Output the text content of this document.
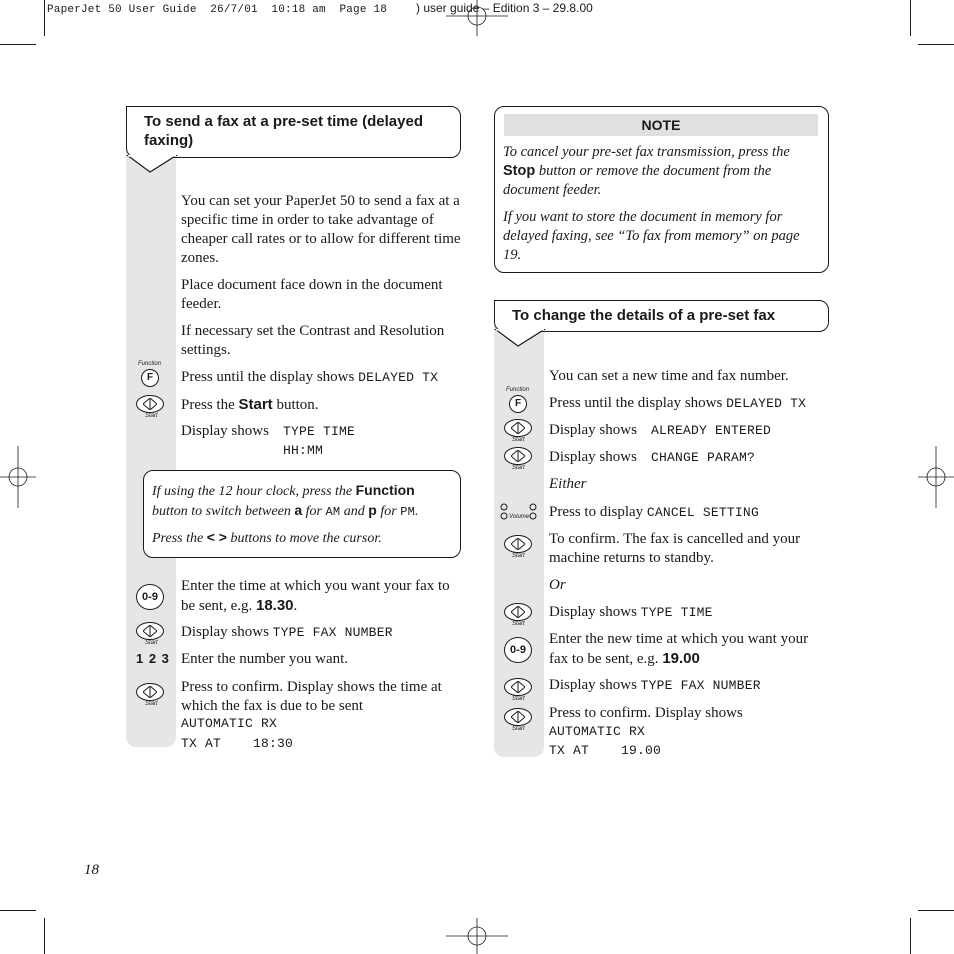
PaperJet 50 User Guide  26/7/01  10:18 am  Page 18 ) user guide – Edition 3 – 29.8.00
To send a fax at a pre-set time (delayed faxing)
You can set your PaperJet 50 to send a fax at a specific time in order to take advantage of cheaper call rates or to allow for different time zones.
Place document face down in the document feeder.
If necessary set the Contrast and Resolution settings.
Function
F	Press until the display shows DELAYED TX
Start
Press the Start button.
Display shows	TYPE TIME
HH:MM
If using the 12 hour clock, press the Function button to switch between a for AM and p for PM.
Press the < > buttons to move the cursor.
0-9
Enter the time at which you want your fax to be sent, e.g. 18.30.
Start
Display shows TYPE FAX NUMBER
1 2 3 Enter the number you want.
Start
Press to confirm. Display shows the time at which the fax is due to be sent
AUTOMATIC RX
TX AT    18:30
18
NOTE
To cancel your pre-set fax transmission, press the Stop button or remove the document from the document feeder.
If you want to store the document in memory for delayed faxing, see “To fax from memory” on page 19.
To change the details of a pre-set fax
You can set a new time and fax number.
Function
F	Press until the display shows DELAYED TX
Start
Display shows	ALREADY ENTERED
Start
Display shows	CHANGE PARAM?
Either
Volume Press to display CANCEL SETTING
Start
To confirm. The fax is cancelled and your machine returns to standby.
Or
Start
Display shows TYPE TIME
0-9
Enter the new time at which you want your fax to be sent, e.g. 19.00
Start
Display shows TYPE FAX NUMBER
Start
Press to confirm. Display shows
AUTOMATIC RX
TX AT    19.00
